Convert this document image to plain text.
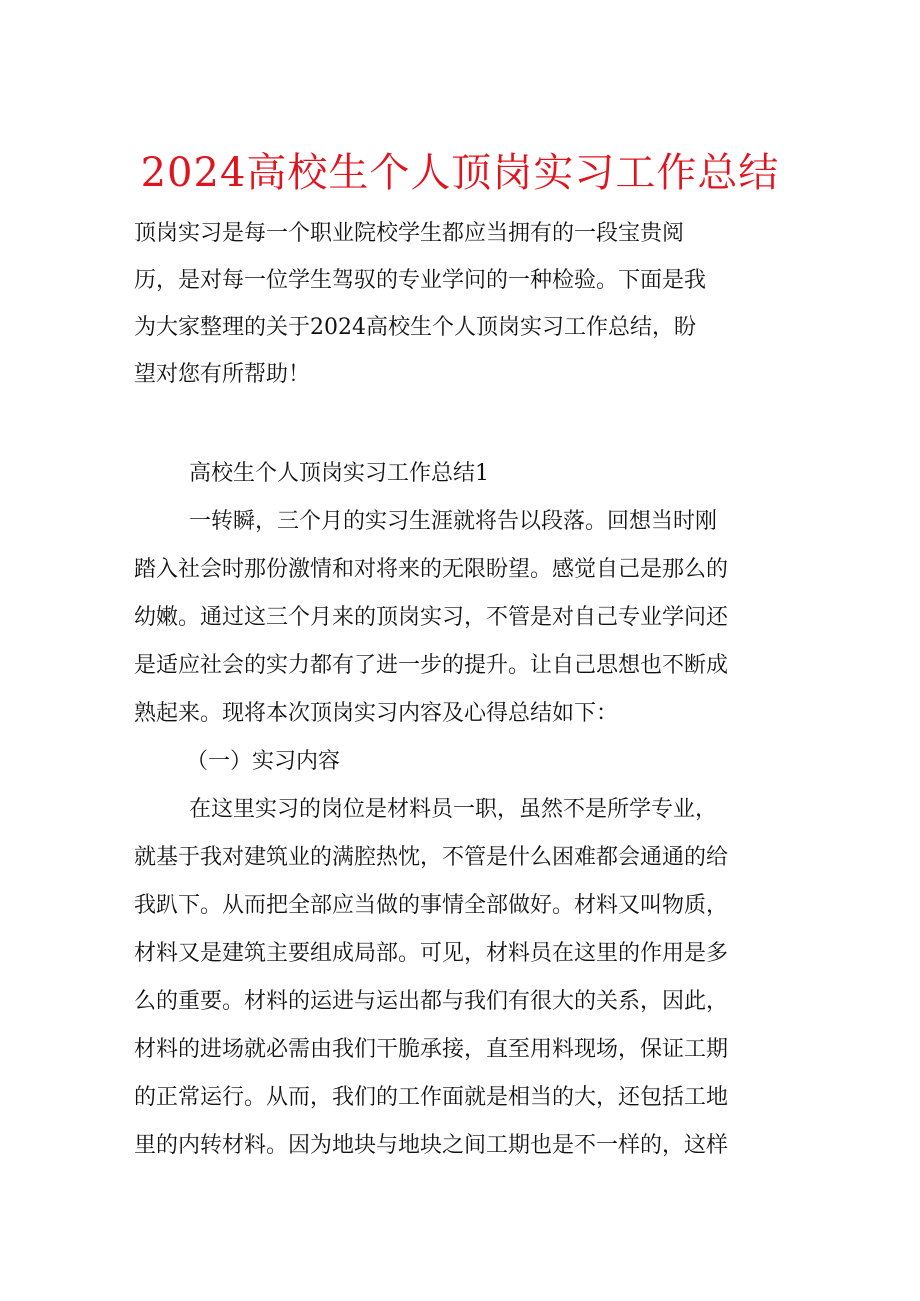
2024高校生个人顶岗实习工作总结
顶岗实习是每一个职业院校学生都应当拥有的一段宝贵阅
历，是对每一位学生驾驭的专业学问的一种检验。下面是我
为大家整理的关于2024高校生个人顶岗实习工作总结，盼
望对您有所帮助！
高校生个人顶岗实习工作总结1
一转瞬，三个月的实习生涯就将告以段落。回想当时刚
踏入社会时那份激情和对将来的无限盼望。感觉自己是那么的
幼嫩。通过这三个月来的顶岗实习，不管是对自己专业学问还
是适应社会的实力都有了进一步的提升。让自己思想也不断成
熟起来。现将本次顶岗实习内容及心得总结如下：
（一）实习内容
在这里实习的岗位是材料员一职，虽然不是所学专业，
就基于我对建筑业的满腔热忱，不管是什么困难都会通通的给
我趴下。从而把全部应当做的事情全部做好。材料又叫物质，
材料又是建筑主要组成局部。可见，材料员在这里的作用是多
么的重要。材料的运进与运出都与我们有很大的关系，因此，
材料的进场就必需由我们干脆承接，直至用料现场，保证工期
的正常运行。从而，我们的工作面就是相当的大，还包括工地
里的内转材料。因为地块与地块之间工期也是不一样的，这样
